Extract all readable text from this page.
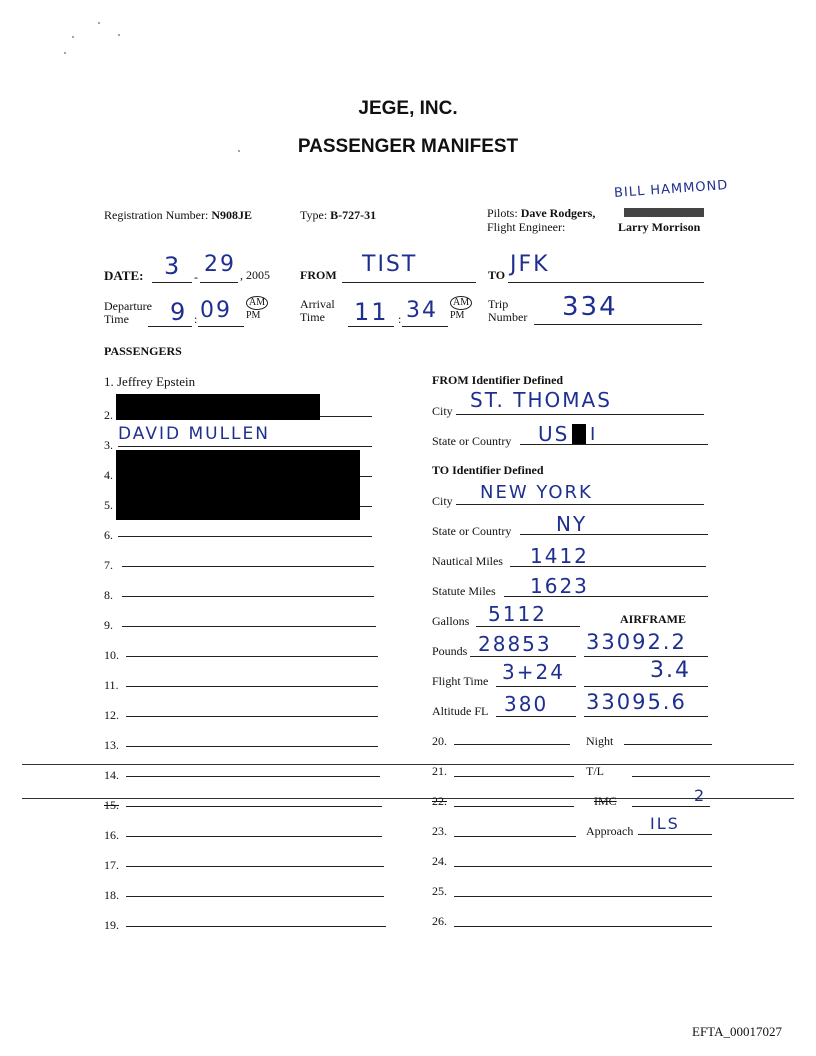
JEGE, INC.
PASSENGER MANIFEST
Registration Number: N908JE	Type: B-727-31
BILL HAMMOND
Pilots: Dave Rodgers,
Flight Engineer:	Larry Morrison
DATE: 3 - 29 , 2005	FROM TIST	TO JFK
Departure
Time	9 : 09	AM
PM
Arrival
Time	11 : 34	AM
PM
Trip
Number 334
PASSENGERS
1. Jeffrey Epstein
2.
3.
DAVID MULLEN
4.
5.
6.
7.
8.
9.
10.
11.
12.
13.
14.
15.
16.
17.
18.
19.
FROM Identifier Defined
City ST. THOMAS
State or Country US I
TO Identifier Defined
City NEW YORK
State or Country NY
Nautical Miles 1412
Statute Miles 1623
Gallons 5112	AIRFRAME
Pounds 28853 33092.2
Flight Time 3+24	3.4
Altitude FL 380 33095.6
20.	Night
21.	T/L
22.	IMC	2
23.	Approach ILS
24.
25.
26.
EFTA_00017027
